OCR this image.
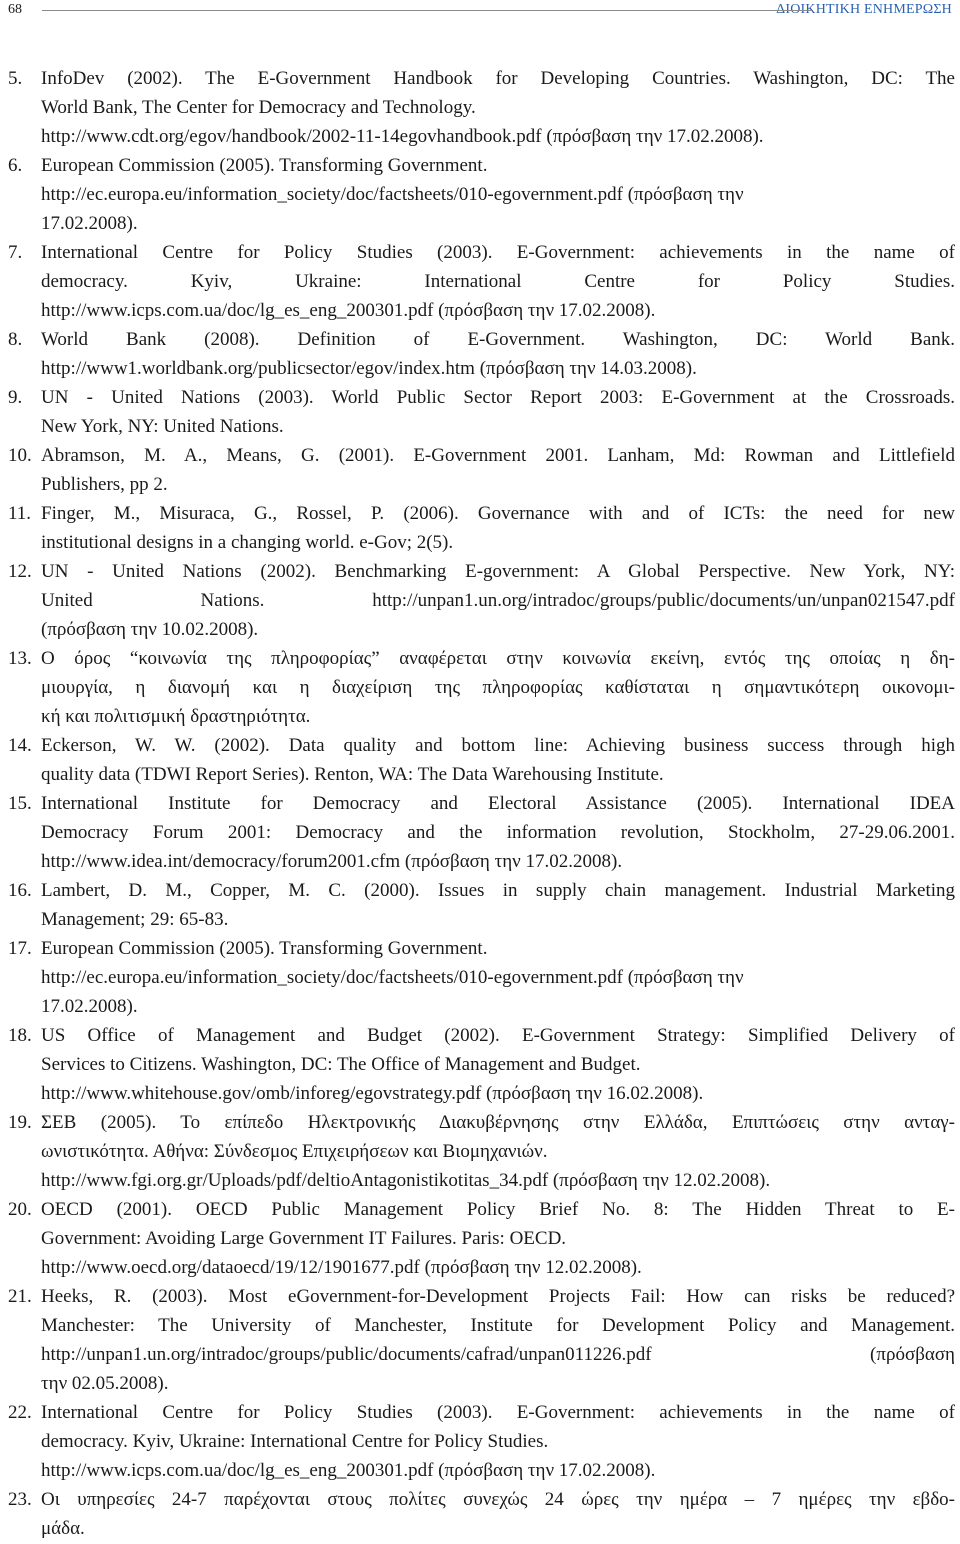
68	ΔΙΟΙΚΗΤΙΚΗ ΕΝΗΜΕΡΩΣΗ
5. InfoDev (2002). The E-Government Handbook for Developing Countries. Washington, DC: The
World Bank, The Center for Democracy and Technology.
http://www.cdt.org/egov/handbook/2002-11-14egovhandbook.pdf (πρόσβαση την 17.02.2008).
6. European Commission (2005). Transforming Government.
http://ec.europa.eu/information_society/doc/factsheets/010-egovernment.pdf (πρόσβαση την
17.02.2008).
7. International Centre for Policy Studies (2003). E-Government: achievements in the name of
democracy. Kyiv, Ukraine: International Centre for Policy Studies.
http://www.icps.com.ua/doc/lg_es_eng_200301.pdf (πρόσβαση την 17.02.2008).
8. World Bank (2008). Definition of E-Government. Washington, DC: World Bank.
http://www1.worldbank.org/publicsector/egov/index.htm (πρόσβαση την 14.03.2008).
9. UN - United Nations (2003). World Public Sector Report 2003: E-Government at the Crossroads.
New York, NY: United Nations.
10. Abramson, M. A., Means, G. (2001). E-Government 2001. Lanham, Md: Rowman and Littlefield
Publishers, pp 2.
11. Finger, M., Misuraca, G., Rossel, P. (2006). Governance with and of ICTs: the need for new
institutional designs in a changing world. e-Gov; 2(5).
12. UN - United Nations (2002). Benchmarking E-government: A Global Perspective. New York, NY:
United Nations. http://unpan1.un.org/intradoc/groups/public/documents/un/unpan021547.pdf
(πρόσβαση την 10.02.2008).
13. Ο όρος “κοινωνία της πληροφορίας” αναφέρεται στην κοινωνία εκείνη, εντός της οποίας η δη-
μιουργία, η διανομή και η διαχείριση της πληροφορίας καθίσταται η σημαντικότερη οικονομι-
κή και πολιτισμική δραστηριότητα.
14. Eckerson, W. W. (2002). Data quality and bottom line: Achieving business success through high
quality data (TDWI Report Series). Renton, WA: The Data Warehousing Institute.
15. International Institute for Democracy and Electoral Assistance (2005). International IDEA
Democracy Forum 2001: Democracy and the information revolution, Stockholm, 27-29.06.2001.
http://www.idea.int/democracy/forum2001.cfm (πρόσβαση την 17.02.2008).
16. Lambert, D. M., Copper, M. C. (2000). Issues in supply chain management. Industrial Marketing
Management; 29: 65-83.
17. European Commission (2005). Transforming Government.
http://ec.europa.eu/information_society/doc/factsheets/010-egovernment.pdf (πρόσβαση την
17.02.2008).
18. US Office of Management and Budget (2002). E-Government Strategy: Simplified Delivery of
Services to Citizens. Washington, DC: The Office of Management and Budget.
http://www.whitehouse.gov/omb/inforeg/egovstrategy.pdf (πρόσβαση την 16.02.2008).
19. ΣΕΒ (2005). Το επίπεδο Ηλεκτρονικής Διακυβέρνησης στην Ελλάδα, Επιπτώσεις στην ανταγ-
ωνιστικότητα. Αθήνα: Σύνδεσμος Επιχειρήσεων και Βιομηχανιών.
http://www.fgi.org.gr/Uploads/pdf/deltioAntagonistikotitas_34.pdf (πρόσβαση την 12.02.2008).
20. OECD (2001). OECD Public Management Policy Brief No. 8: The Hidden Threat to E-
Government: Avoiding Large Government IT Failures. Paris: OECD.
http://www.oecd.org/dataoecd/19/12/1901677.pdf (πρόσβαση την 12.02.2008).
21. Heeks, R. (2003). Most eGovernment-for-Development Projects Fail: How can risks be reduced?
Manchester: The University of Manchester, Institute for Development Policy and Management.
http://unpan1.un.org/intradoc/groups/public/documents/cafrad/unpan011226.pdf (πρόσβαση
την 02.05.2008).
22. International Centre for Policy Studies (2003). E-Government: achievements in the name of
democracy. Kyiv, Ukraine: International Centre for Policy Studies.
http://www.icps.com.ua/doc/lg_es_eng_200301.pdf (πρόσβαση την 17.02.2008).
23. Οι υπηρεσίες 24-7 παρέχονται στους πολίτες συνεχώς 24 ώρες την ημέρα – 7 ημέρες την εβδο-
μάδα.
